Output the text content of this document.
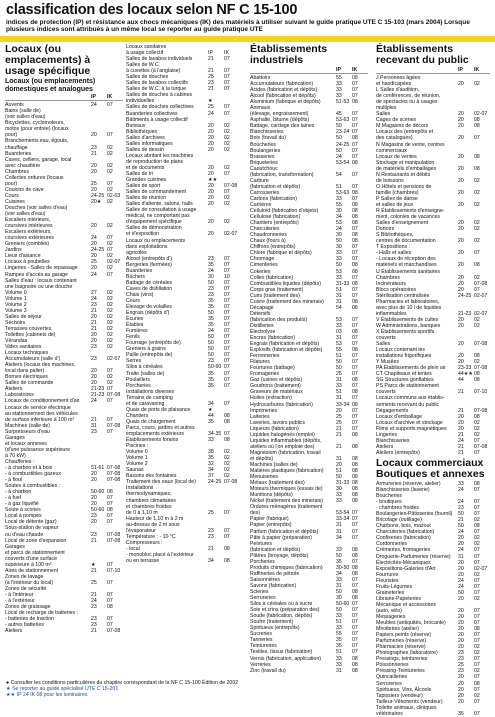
classification des locaux selon NF C 15-100
indices de protection (IP) et résistance aux chocs mécaniques (IK) des matériels à utiliser suivant le guide pratique UTE C 15-103 (mars 2004) Lorsque plusieurs indices sont attribués à un même local se reporter au guide pratique UTE
Locaux (ou emplacements) à usage spécifique
Locaux (ou emplacements) domestiques et analogues
IP	IK
Auvents	24	07
Bains (salle de)
(voir salles d'eau)
Bicyclettes, cyclomoteurs,
motos (pour entrée) (locaux
pour)	20	07
Branchements eau, égouts,
chauffage	23	02
Buanderies	21	02
Caves, celliers, garage, local
avec chaudière	20	02
Chambres	20	02
Collectes ordures (locaux
pour)	25	07
Couloirs de cave	20	02
Cours	24-25 02-03
Cuisines	20★	02
Douches (voir salles d'eau)
(voir salles d'eau)
Escaliers intérieurs,
coursives intérieures	20	02
Escaliers extérieurs,
coursives extérieures	24	07
Greniers (combles)	20	02
Jardins	24-25 07
Lieux d'aisance	20	02
Locaux à poubelles	25	02-07
Lingeries - Salles de repassage	20	02
Rampes d'accès au garage	24	07
Salles d'eau : locaux contenant
une baignoire ou une douche
Volume 0	27	02
Volume 1	24	02
Volume 2	23	02
Volume 3	21	02
Salles de séjour	20	02
Séchoirs	21	02
Terrasses couvertes	21	02
Toilettes (cabinets de)	20	02
Vérandas	20	02
Vides sanitaires	23	02
Locaux techniques
Accumulateurs (salle d')	23	02-07
Ateliers (locaux des machines,
local dans palier)	20	07
Bornes électriques	20	02
Salles de commande	20	02
Ateliers	21-23 07
Laboratoires	21-23 07-08
Locaux de conditionnement d'air	24	07
Locaux de service électrique
au stationnement des véhicules
de surface inférieure à 100 m²	21	07
Machines (salle de)	31	07-08
Surpresseurs d'eau	23	07
Garages
et locaux annexes
(d'une puissance supérieure
à 70 kW)
Chaufferies :
- à charbon et à bois	51-61 07-08
- à combustibles gazeux	20	07-08
- à fioul	20	07-08
Soutes à combustibles :
- à charbon	50-60 08
- à fuel	20	07
- à gaz liquéfié	20	07
Soute à scories	50-60 08
Local à pompes	23	07
Local de détente (gaz)	20	07
Sous-station de vapeur
ou d'eau chaude	23	07-08
Local de zone d'expansion	21	07-08
Garages
et parcs de stationnement
couverts d'une surface
supérieure à 100 m²	★	07
Aires de stationnement	21	07-10
Zones de lavage
(à l'intérieur du local)	25	07
Zones de sécurité
- à l'intérieur	21	07
- à l'extérieur	24	07
Zones de graissage	23	08
Local de recharge de batteries :
- batteries de traction	23	07
- autres batteries	23	07
Ateliers	21	07-08
Locaux sanitaires
à usage collectif	IP	IK
Salles de lavabos individuels	21	07
Salles de W.C.
à cuvettes (à l'anglaise)	21	07
Salles de douches	25	07
Salles de lavabos collectifs	23	07
Salles de W.C. à la turque	21	07
Salles de douches à cabines
individuelles	★
Salles de douches collectives	25	07
Buanderies collectives	24	07
Bâtiments à usage collectif
Bureaux	20	02
Bibliothèques	20	02
Salles d'archives	20	02
Salles informatiques	20	02
Salles de dessin	20	02
Locaux abritant les machines
de reproduction de plans
et de documents	20	02
Salles de tri	20	07
Grandes cuisines	★★
Salles de sport	20	07-08
Salles de commandement	20	07
Salles de réunion	20	02
Salles d'attente, salons, halls	20	02
Salles de consultation à usage
médical, ne comportant pas
d'équipement spécifique	20	02
Salles de démonstration
et d'exposition	20	02-07
Locaux ou emplacements
dans exploitations
agricoles
Alcool (entrepôts d')	23	07
Bergeries (fermées)	35	07
Buanderies	24	07
Bûchers	30	10
Battage de céréales	50	07
Caves de distillation	23	07
Chais (vins)	23	07
Cours	35	07
Élevage de volailles	35	07
Engrais (dépôts d')	50	07
Écuries	35	07
Étables	35	07
Fumières	24	07
Fenils	50	07
Fourrage (entrepôts de)	50	07
Greniers à grains	50	07
Paille (entrepôts de)	50	07
Serres	23	07
Silos à céréales	50-60 07
Traite (salles de)	35	07
Poulaillers	35	07
Porcheries	35	07
Installations diverses
Terrains de camping
et de caravaning	34	07
Quais de ports de plaisance	★
Chantiers	44	08
Quais de chargement	35	08
Parcs, cours, jardins et autres
emplacements extérieurs	34-35 07
Établissements forains	33	08
Piscines :
Volume 0	38	02
Volume 1	35	02
Volume 2	32	02
Saunas	34	02
Bassins des fontaines	37	02
Traitement des eaux (local de)	24-25 07-08
Installations
thermodynamiques,
chambres climatisées
et chambres froides
de 0 à 1,10 m	25	07
Hauteur de 1,10 m à 2 m
au-dessus de 2 m sous
l'évaporateur	23	07
Température : - 10 °C	23	07
Compresseurs :
- local	21	08
- monobloc placé à l'extérieur
ou en terrasse	34	08
Établissements industriels
IP	IK
Abattoirs	55	08
Accumulateurs (fabrication)	33	07
Acides (fabrication et dépôts)	33	07
Alcool (fabrication et dépôts)	33	07
Aluminium (fabrique et dépôts)	51-53 08
Animaux
(élevage, engraissement)	45	07
Asphalte, bitume (dépôts)	53-63 07
Battage, cardage des laines	50	07
Blanchisseries	23-24 07
Bois (travail du)	50	08
Boucheries	24-25 07
Boulangeries	50	07
Brasseries	24	07
Briqueteries	53-54 08
Caoutchouc
(fabrication, transformation)	54	07
Carbure
(fabrication et dépôts)	51	07
Carrosseries	53-63 08
Cartons (fabrication)	33	07
Carrières	55	08
Celluloïd (fabrication d'objets)	30	08
Cellulose (fabrication)	34	08
Chantiers (entrepôts)	53	08
Charcuteries	24	07
Chaudronneries	30	08
Chaux (fours à)	50	08
Chiffons (entrepôts)	30	07
Chlore (fabrique et dépôts)	33	07
Chromage	33	07
Cimenteries	50	08
Cokeries	53	08
Colles (fabrication)	33	07
Combustibles liquides (dépôts)	31-33 08
Corps gras (traitement)	51	07
Cuirs (traitement des)	31	07
Cuivre (traitement des minerais)	31	08
Décapage	54	08
Détersifs
(fabrication des produits)	53	07
Distilleries	33	07
Électrolyse	03	08
Encres (fabrication)	31	07
Engrais (fabrication et dépôts)	53	07
Explosifs (fabrication et dépôts)	55	08
Ferronneries	51	07
Filatures	50	07
Fourrures (battage)	50	07
Fromageries	25	07
Gaz (usines et dépôts)	31	08
Goudrons (traitement)	33	07
Graveurs de matériaux	51	08
Huiles (extraction)	31	07
Hydrocarbures (fabrication)	33-34 08
Imprimeries	20	07
Laiteries	25	07
Laveries, lavoirs publics	25	07
Liqueurs (fabrication)	21	07
Liquides halogénés (emploi)	21	08
Liquides inflammables (dépôts,
ateliers où l'on emploie des)	21	08
Magnésium (fabrication, travail
et dépôts)	31	08
Machines (salles de)	20	08
Matières plastiques (fabrication)	51	08
Menuiseries	50	08
Métaux (traitement des)	31-33 08
Moteurs thermiques (essais de)	30	08
Munitions (dépôts)	33	08
Nickel (traitement des minerais)	33	08
Ordures ménagères (traitement
des)	53-54 07
Papier (fabrique)	33-34 07
Papier (entrepôts)	31	07
Parfum (fabrication et dépôts)	31	07
Pâte à papier (préparation)	34	07
Peintures
(fabrication et dépôts)	33	08
Plâtres (broyage, dépôts)	50	08
Porcheries	35	07
Produits chimiques (fabrication)	30-50 08
Raffineries de pétrole	34	08
Saisonnières	33	07
Savons (fabrication)	31	07
Scieries	50	08
Serrureries	30	08
Silos à céréales ou à sucre	50-60 07
Soie et crins (préparation des)	50	07
Soude (fabrication, dépôts)	33	07
Soufre (traitement)	51	07
Spiritueux (entrepôts)	33	07
Sucreries	55	07
Tanneries	35	07
Teintureries	35	07
Textiles, tissus (fabrication)	51	07
Vernis (fabrication, application)	33	08
Verreries	33	08
Zinc (travail du)	31	08
Établissements recevant du public
IP	IK
J Personnes âgées
et handicapées	20	02
L Salles d'audition,
de conférences, de réunion,
de spectacles ou à usages
multiples
Salles	20	02-07
Cages de scènes	20	08
M Magasins de décors	20	08
Locaux des (entrepôts et
des catalogues)	20	07
N Magasins de vente, centres
commerciaux
Locaux de ventes	20	08
Stockage et manipulation
de matériels d'emballages	20	08
N Restaurants et débits
de boissons	20	02
O Hôtels et pensions de
famille (chambres)	20	02
P Salles de danse
et salles de jeux	20	02
R Établissements d'enseigne-
ment, colonies de vacances
Salles d'enseignement	20	02
Dortoirs	20	02
S Bibliothèques,
centres de documentation	20	02
T Expositions :
- Halls et salles	20	07
- Locaux de réception des
matériels et marchandises	20	08
U Établissements sanitaires
Chambres	20	02
Incinérateurs	20	07-08
Blocs opératoires	20	07
Stérilisation centralisée	24-25 02-07
Pharmacies et laboratoires,
avec plus de 10 l de liquides
inflammables	21-23 02-07
V Établissements de cultes	20	02
W Administrations, banques	20	02
X Établissements sportifs
couverts
Salles	20	07-08
Locaux contenant les
installations frigorifiques	20	08
Y Musées	20	02
PA Établissements de plein air	23-33 07-08
CT Chapiteaux et tentes	44★★ 08
SG Structures gonflables	44	08
PS Parcs de stationnement
couverts	21	07-10
Locaux communs aux établis-
sements recevant du public
Dégagements	21	07-08
Locaux d'emballage	20	08
Locaux d'archive et stockage	20	02
Films et supports magnétiques	20	02
Lingeries	21	02
Blanchisseries	24	07
Ateliers	21	07-08
Ateliers (entrepôts)	21	07
Locaux commerciaux Boutiques et annexes
Armureries (réserve, atelier)	33	08
Blanchisseries (laverie)	24	07
Boucheries
- boutiques	24	07
- chambres froides	23	07
Boulangeries-Pâtisseries (fournil)	50	07
Bricolage (outillage)	21	02
Charbons, bois, mazout	50	08
Charcuteries (fabrication)	24	07
Confiseries (fabrication)	20	02
Cordonneries	20	02
Crémeries, fromageries	24	07
Droguerie-Parfumeries (réserve)	31	07
Électricités-Mécaniques	20	07
Expositions-Galeries d'Art	20	02-07
Fourrures	20	02
Fleuristes	24	07
Fruits-Légumes	24	07
Graineteries	50	07
Librairie-Papeteries	20	02
Mécanique et accessoires
(auto, vélo)	20	07
Messageries	20	07
Meubles (antiquités, brocante)	20	07
Miroiteries (atelier)	20	08
Papiers peints (réserve)	20	07
Parfumeries (réserve)	20	07
Pharmacies (réserve)	20	02
Photographes (laboratoire)	23	02
Pressings, teintureries	23	07
Poissonneries	25	07
Pressing-Teintureries	23	02
Quincailleries	20	07
Serrureries	20	08
Spiritueux, Vins, Alcools	20	07
Tapissiers (vendeur)	20	02
Tailleur-Vêtements (vendeur)	20	07
Toilette animaux, cliniques
vétérinaires	35	07
● Consulter les conditions particulières du chapitre correspondant de la NF C 15-100 Édition de 2002
★ Se reporter au guide spécialisé UTE C 15-201
★★ IP 24 IK 08 pour les luminaires
